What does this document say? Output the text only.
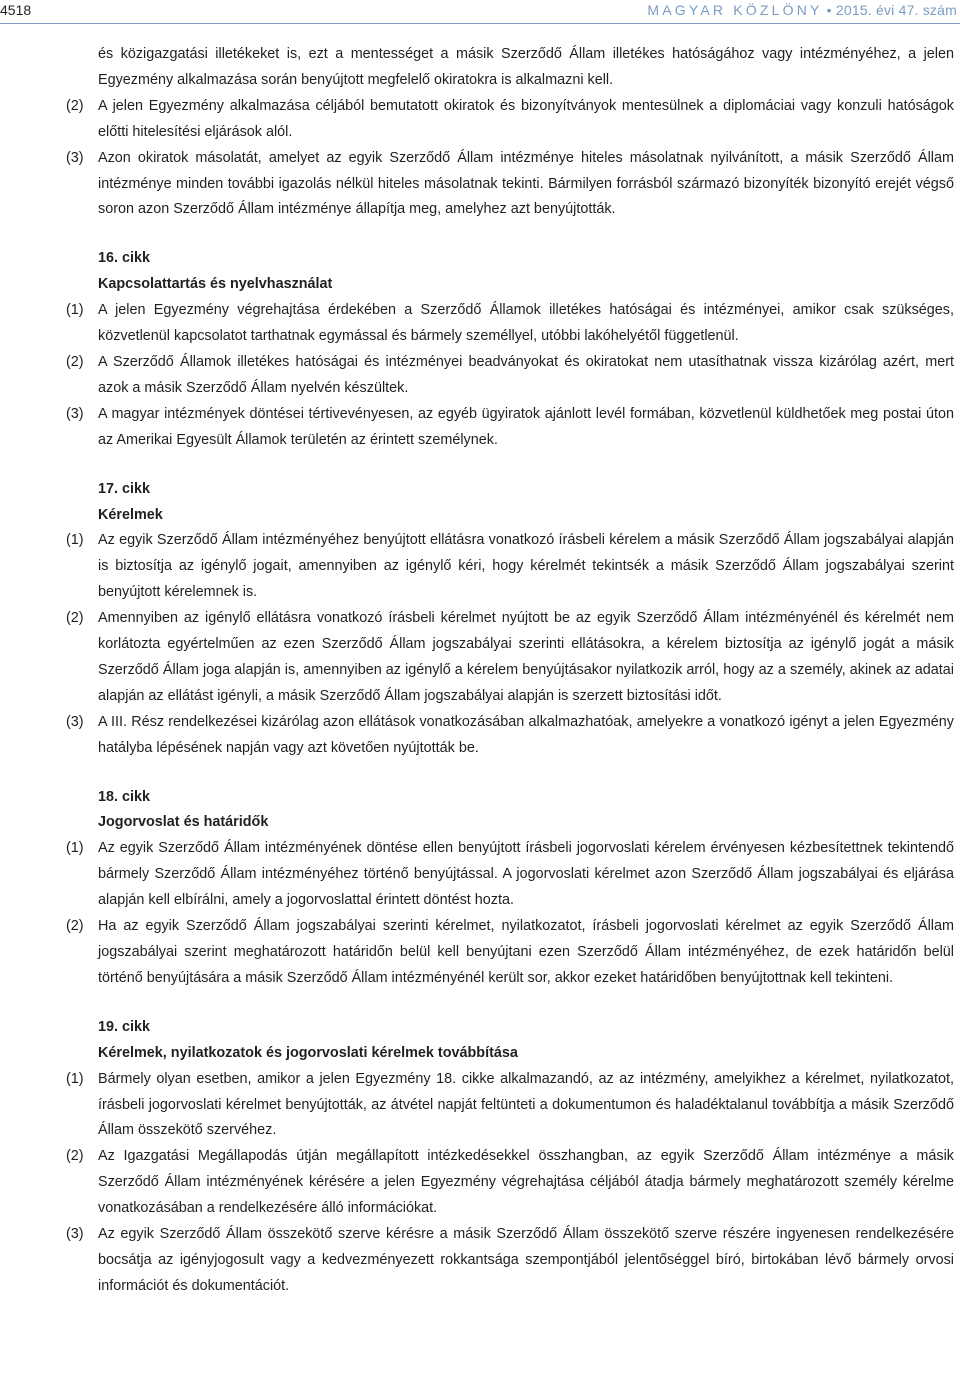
4518	MAGYAR KÖZLÖNY • 2015. évi 47. szám
és közigazgatási illetékeket is, ezt a mentességet a másik Szerződő Állam illetékes hatóságához vagy intézményéhez, a jelen Egyezmény alkalmazása során benyújtott megfelelő okiratokra is alkalmazni kell.
(2) A jelen Egyezmény alkalmazása céljából bemutatott okiratok és bizonyítványok mentesülnek a diplomáciai vagy konzuli hatóságok előtti hitelesítési eljárások alól.
(3) Azon okiratok másolatát, amelyet az egyik Szerződő Állam intézménye hiteles másolatnak nyilvánított, a másik Szerződő Állam intézménye minden további igazolás nélkül hiteles másolatnak tekinti. Bármilyen forrásból származó bizonyíték bizonyító erejét végső soron azon Szerződő Állam intézménye állapítja meg, amelyhez azt benyújtották.
16. cikk
Kapcsolattartás és nyelvhasználat
(1) A jelen Egyezmény végrehajtása érdekében a Szerződő Államok illetékes hatóságai és intézményei, amikor csak szükséges, közvetlenül kapcsolatot tarthatnak egymással és bármely személlyel, utóbbi lakóhelyétől függetlenül.
(2) A Szerződő Államok illetékes hatóságai és intézményei beadványokat és okiratokat nem utasíthatnak vissza kizárólag azért, mert azok a másik Szerződő Állam nyelvén készültek.
(3) A magyar intézmények döntései tértivevényesen, az egyéb ügyiratok ajánlott levél formában, közvetlenül küldhetőek meg postai úton az Amerikai Egyesült Államok területén az érintett személynek.
17. cikk
Kérelmek
(1) Az egyik Szerződő Állam intézményéhez benyújtott ellátásra vonatkozó írásbeli kérelem a másik Szerződő Állam jogszabályai alapján is biztosítja az igénylő jogait, amennyiben az igénylő kéri, hogy kérelmét tekintsék a másik Szerződő Állam jogszabályai szerint benyújtott kérelemnek is.
(2) Amennyiben az igénylő ellátásra vonatkozó írásbeli kérelmet nyújtott be az egyik Szerződő Állam intézményénél és kérelmét nem korlátozta egyértelműen az ezen Szerződő Állam jogszabályai szerinti ellátásokra, a kérelem biztosítja az igénylő jogát a másik Szerződő Állam joga alapján is, amennyiben az igénylő a kérelem benyújtásakor nyilatkozik arról, hogy az a személy, akinek az adatai alapján az ellátást igényli, a másik Szerződő Állam jogszabályai alapján is szerzett biztosítási időt.
(3) A III. Rész rendelkezései kizárólag azon ellátások vonatkozásában alkalmazhatóak, amelyekre a vonatkozó igényt a jelen Egyezmény hatályba lépésének napján vagy azt követően nyújtották be.
18. cikk
Jogorvoslat és határidők
(1) Az egyik Szerződő Állam intézményének döntése ellen benyújtott írásbeli jogorvoslati kérelem érvényesen kézbesítettnek tekintendő bármely Szerződő Állam intézményéhez történő benyújtással. A jogorvoslati kérelmet azon Szerződő Állam jogszabályai és eljárása alapján kell elbírálni, amely a jogorvoslattal érintett döntést hozta.
(2) Ha az egyik Szerződő Állam jogszabályai szerinti kérelmet, nyilatkozatot, írásbeli jogorvoslati kérelmet az egyik Szerződő Állam jogszabályai szerint meghatározott határidőn belül kell benyújtani ezen Szerződő Állam intézményéhez, de ezek határidőn belül történő benyújtására a másik Szerződő Állam intézményénél került sor, akkor ezeket határidőben benyújtottnak kell tekinteni.
19. cikk
Kérelmek, nyilatkozatok és jogorvoslati kérelmek továbbítása
(1) Bármely olyan esetben, amikor a jelen Egyezmény 18. cikke alkalmazandó, az az intézmény, amelyikhez a kérelmet, nyilatkozatot, írásbeli jogorvoslati kérelmet benyújtották, az átvétel napját feltünteti a dokumentumon és haladéktalanul továbbítja a másik Szerződő Állam összekötő szervéhez.
(2) Az Igazgatási Megállapodás útján megállapított intézkedésekkel összhangban, az egyik Szerződő Állam intézménye a másik Szerződő Állam intézményének kérésére a jelen Egyezmény végrehajtása céljából átadja bármely meghatározott személy kérelme vonatkozásában a rendelkezésére álló információkat.
(3) Az egyik Szerződő Állam összekötő szerve kérésre a másik Szerződő Állam összekötő szerve részére ingyenesen rendelkezésére bocsátja az igényjogosult vagy a kedvezményezett rokkantsága szempontjából jelentőséggel bíró, birtokában lévő bármely orvosi információt és dokumentációt.
